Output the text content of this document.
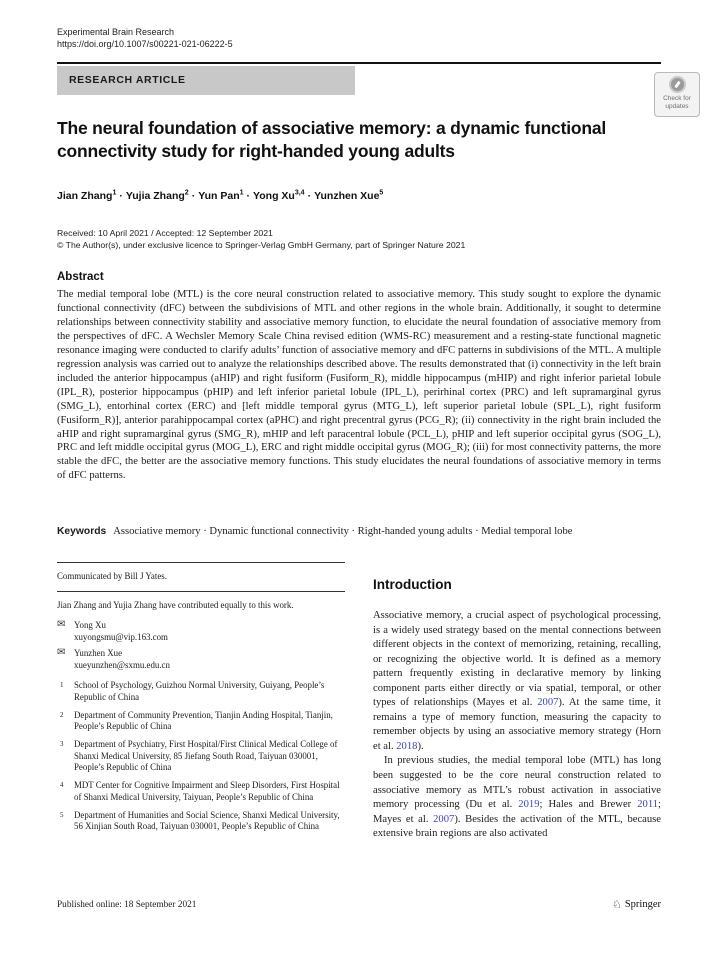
Experimental Brain Research
https://doi.org/10.1007/s00221-021-06222-5
RESEARCH ARTICLE
Check for
updates
The neural foundation of associative memory: a dynamic functional connectivity study for right-handed young adults
Jian Zhang$^1$ · Yujia Zhang$^2$ · Yun Pan$^1$ · Yong Xu$^{3,4}$ · Yunzhen Xue$^5$
Received: 10 April 2021 / Accepted: 12 September 2021
© The Author(s), under exclusive licence to Springer-Verlag GmbH Germany, part of Springer Nature 2021
Abstract
The medial temporal lobe (MTL) is the core neural construction related to associative memory. This study sought to explore the dynamic functional connectivity (dFC) between the subdivisions of MTL and other regions in the whole brain. Additionally, it sought to determine relationships between connectivity stability and associative memory function, to elucidate the neural foundation of associative memory from the perspectives of dFC. A Wechsler Memory Scale China revised edition (WMS-RC) measurement and a resting-state functional magnetic resonance imaging were conducted to clarify adults’ function of associative memory and dFC patterns in subdivisions of the MTL. A multiple regression analysis was carried out to analyze the relationships described above. The results demonstrated that (i) connectivity in the left brain included the anterior hippocampus (aHIP) and right fusiform (Fusiform_R), middle hippocampus (mHIP) and right inferior parietal lobule (IPL_R), posterior hippocampus (pHIP) and left inferior parietal lobule (IPL_L), perirhinal cortex (PRC) and left supramarginal gyrus (SMG_L), entorhinal cortex (ERC) and [left middle temporal gyrus (MTG_L), left superior parietal lobule (SPL_L), right fusiform (Fusiform_R)], anterior parahippocampal cortex (aPHC) and right precentral gyrus (PCG_R); (ii) connectivity in the right brain included the aHIP and right supramarginal gyrus (SMG_R), mHIP and left paracentral lobule (PCL_L), pHIP and left superior occipital gyrus (SOG_L), PRC and left middle occipital gyrus (MOG_L), ERC and right middle occipital gyrus (MOG_R); (iii) for most connectivity patterns, the more stable the dFC, the better are the associative memory functions. This study elucidates the neural foundations of associative memory in terms of dFC patterns.
Keywords Associative memory · Dynamic functional connectivity · Right-handed young adults · Medial temporal lobe
Communicated by Bill J Yates.
Jian Zhang and Yujia Zhang have contributed equally to this work.
✉ Yong Xu
xuyongsmu@vip.163.com
✉ Yunzhen Xue
xueyunzhen@sxmu.edu.cn
1 School of Psychology, Guizhou Normal University, Guiyang, People’s Republic of China
2 Department of Community Prevention, Tianjin Anding Hospital, Tianjin, People’s Republic of China
3 Department of Psychiatry, First Hospital/First Clinical Medical College of Shanxi Medical University, 85 Jiefang South Road, Taiyuan 030001, People’s Republic of China
4 MDT Center for Cognitive Impairment and Sleep Disorders, First Hospital of Shanxi Medical University, Taiyuan, People’s Republic of China
5 Department of Humanities and Social Science, Shanxi Medical University, 56 Xinjian South Road, Taiyuan 030001, People’s Republic of China
Introduction

Associative memory, a crucial aspect of psychological processing, is a widely used strategy based on the mental connections between different objects in the context of memorizing, retaining, recalling, or recognizing the objective world. It is defined as a memory pattern frequently existing in declarative memory by linking component parts either directly or via spatial, temporal, or other types of relationships (Mayes et al. 2007). At the same time, it remains a type of memory function, measuring the capacity to remember objects by using an associative memory strategy (Horn et al. 2018).

In previous studies, the medial temporal lobe (MTL) has long been suggested to be the core neural construction related to associative memory as MTL’s robust activation in associative memory processing (Du et al. 2019; Hales and Brewer 2011; Mayes et al. 2007). Besides the activation of the MTL, because extensive brain regions are also activated

Published online: 18 September 2021	♘ Springer
